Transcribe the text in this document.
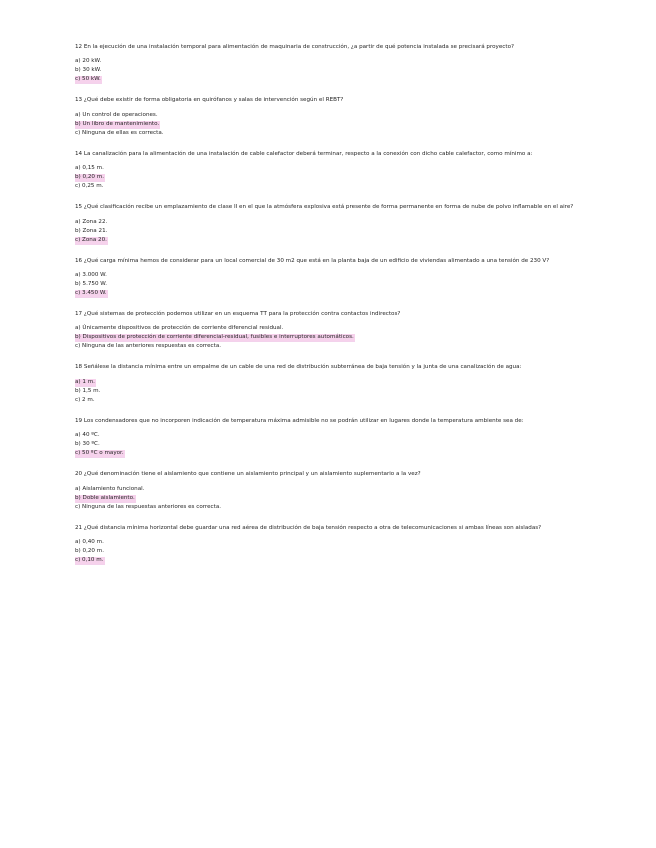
12 En la ejecución de una instalación temporal para alimentación de maquinaria de construcción, ¿a partir de qué potencia instalada se precisará proyecto?

a) 20 kW.
b) 30 kW.
c) 50 kW.

13 ¿Qué debe existir de forma obligatoria en quirófanos y salas de intervención según el REBT?

a) Un control de operaciones.
b) Un libro de mantenimiento.
c) Ninguna de ellas es correcta.

14 La canalización para la alimentación de una instalación de cable calefactor deberá terminar, respecto a la conexión con dicho cable calefactor, como mínimo a:

a) 0,15 m.
b) 0,20 m.
c) 0,25 m.

15 ¿Qué clasificación recibe un emplazamiento de clase II en el que la atmósfera explosiva está presente de forma permanente en forma de nube de polvo inflamable en el aire?

a) Zona 22.
b) Zona 21.
c) Zona 20.

16 ¿Qué carga mínima hemos de considerar para un local comercial de 30 m2 que está en la planta baja de un edificio de viviendas alimentado a una tensión de 230 V?

a) 3.000 W.
b) 5.750 W.
c) 3.450 W.

17 ¿Qué sistemas de protección podemos utilizar en un esquema TT para la protección contra contactos indirectos?

a) Únicamente dispositivos de protección de corriente diferencial residual.
b) Dispositivos de protección de corriente diferencial-residual, fusibles e interruptores automáticos.
c) Ninguna de las anteriores respuestas es correcta.

18 Señálese la distancia mínima entre un empalme de un cable de una red de distribución subterránea de baja tensión y la junta de una canalización de agua:

a) 1 m.
b) 1,5 m.
c) 2 m.

19 Los condensadores que no incorporen indicación de temperatura máxima admisible no se podrán utilizar en lugares donde la temperatura ambiente sea de:

a) 40 ºC.
b) 30 ºC.
c) 50 ºC o mayor.

20 ¿Qué denominación tiene el aislamiento que contiene un aislamiento principal y un aislamiento suplementario a la vez?

a) Aislamiento funcional.
b) Doble aislamiento.
c) Ninguna de las respuestas anteriores es correcta.

21 ¿Qué distancia mínima horizontal debe guardar una red aérea de distribución de baja tensión respecto a otra de telecomunicaciones si ambas líneas son aisladas?

a) 0,40 m.
b) 0,20 m.
c) 0,10 m.
